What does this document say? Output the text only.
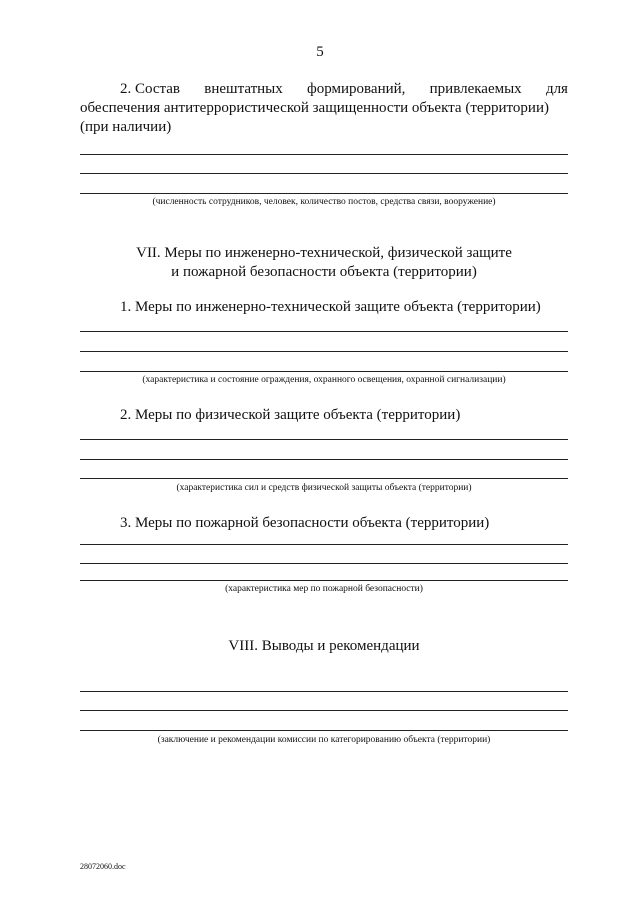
5
2. Состав внештатных формирований, привлекаемых для
обеспечения антитеррористической защищенности объекта (территории)
(при наличии)
(численность сотрудников, человек, количество постов, средства связи, вооружение)
VII. Меры по инженерно-технической, физической защите
и пожарной безопасности объекта (территории)
1. Меры по инженерно-технической защите объекта (территории)
(характеристика и состояние ограждения, охранного освещения, охранной сигнализации)
2. Меры по физической защите объекта (территории)
(характеристика сил и средств физической защиты объекта (территории)
3. Меры по пожарной безопасности объекта (территории)
(характеристика мер по пожарной безопасности)
VIII. Выводы и рекомендации
(заключение и рекомендации комиссии по категорированию объекта (территории)
28072060.doc
